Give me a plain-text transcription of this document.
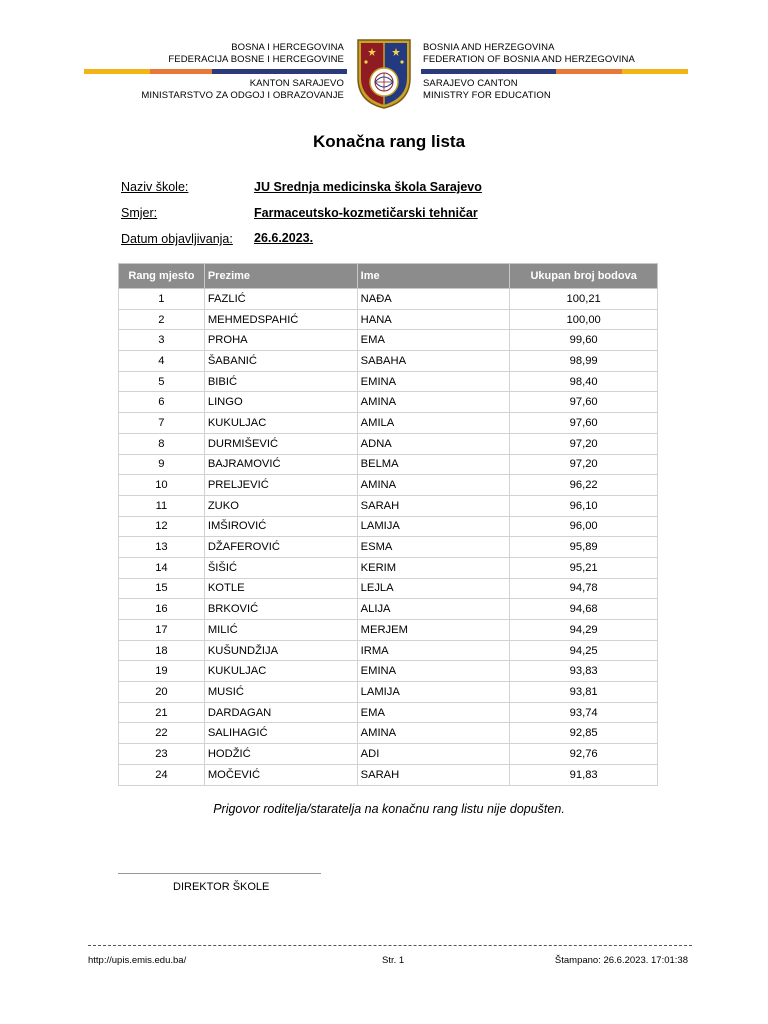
BOSNA I HERCEGOVINA
FEDERACIJA BOSNE I HERCEGOVINE
KANTON SARAJEVO
MINISTARSTVO ZA ODGOJ I OBRAZOVANJE
BOSNIA AND HERZEGOVINA
FEDERATION OF BOSNIA AND HERZEGOVINA
SARAJEVO CANTON
MINISTRY FOR EDUCATION
Konačna rang lista
Naziv škole:	JU Srednja medicinska škola Sarajevo
Smjer:	Farmaceutsko-kozmetičarski tehničar
Datum objavljivanja: 26.6.2023.
Rang mjesto	Prezime	Ime	Ukupan broj bodova
1	FAZLIĆ	NAĐA	100,21
2	MEHMEDSPAHIĆ	HANA	100,00
3	PROHA	EMA	99,60
4	ŠABANIĆ	SABAHA	98,99
5	BIBIĆ	EMINA	98,40
6	LINGO	AMINA	97,60
7	KUKULJAC	AMILA	97,60
8	DURMIŠEVIĆ	ADNA	97,20
9	BAJRAMOVIĆ	BELMA	97,20
10	PRELJEVIĆ	AMINA	96,22
11	ZUKO	SARAH	96,10
12	IMŠIROVIĆ	LAMIJA	96,00
13	DŽAFEROVIĆ	ESMA	95,89
14	ŠIŠIĆ	KERIM	95,21
15	KOTLE	LEJLA	94,78
16	BRKOVIĆ	ALIJA	94,68
17	MILIĆ	MERJEM	94,29
18	KUŠUNDŽIJA	IRMA	94,25
19	KUKULJAC	EMINA	93,83
20	MUSIĆ	LAMIJA	93,81
21	DARDAGAN	EMA	93,74
22	SALIHAGIĆ	AMINA	92,85
23	HODŽIĆ	ADI	92,76
24	MOČEVIĆ	SARAH	91,83
Prigovor roditelja/staratelja na konačnu rang listu nije dopušten.
DIREKTOR ŠKOLE
http://upis.emis.edu.ba/	Str. 1	Štampano: 26.6.2023. 17:01:38
